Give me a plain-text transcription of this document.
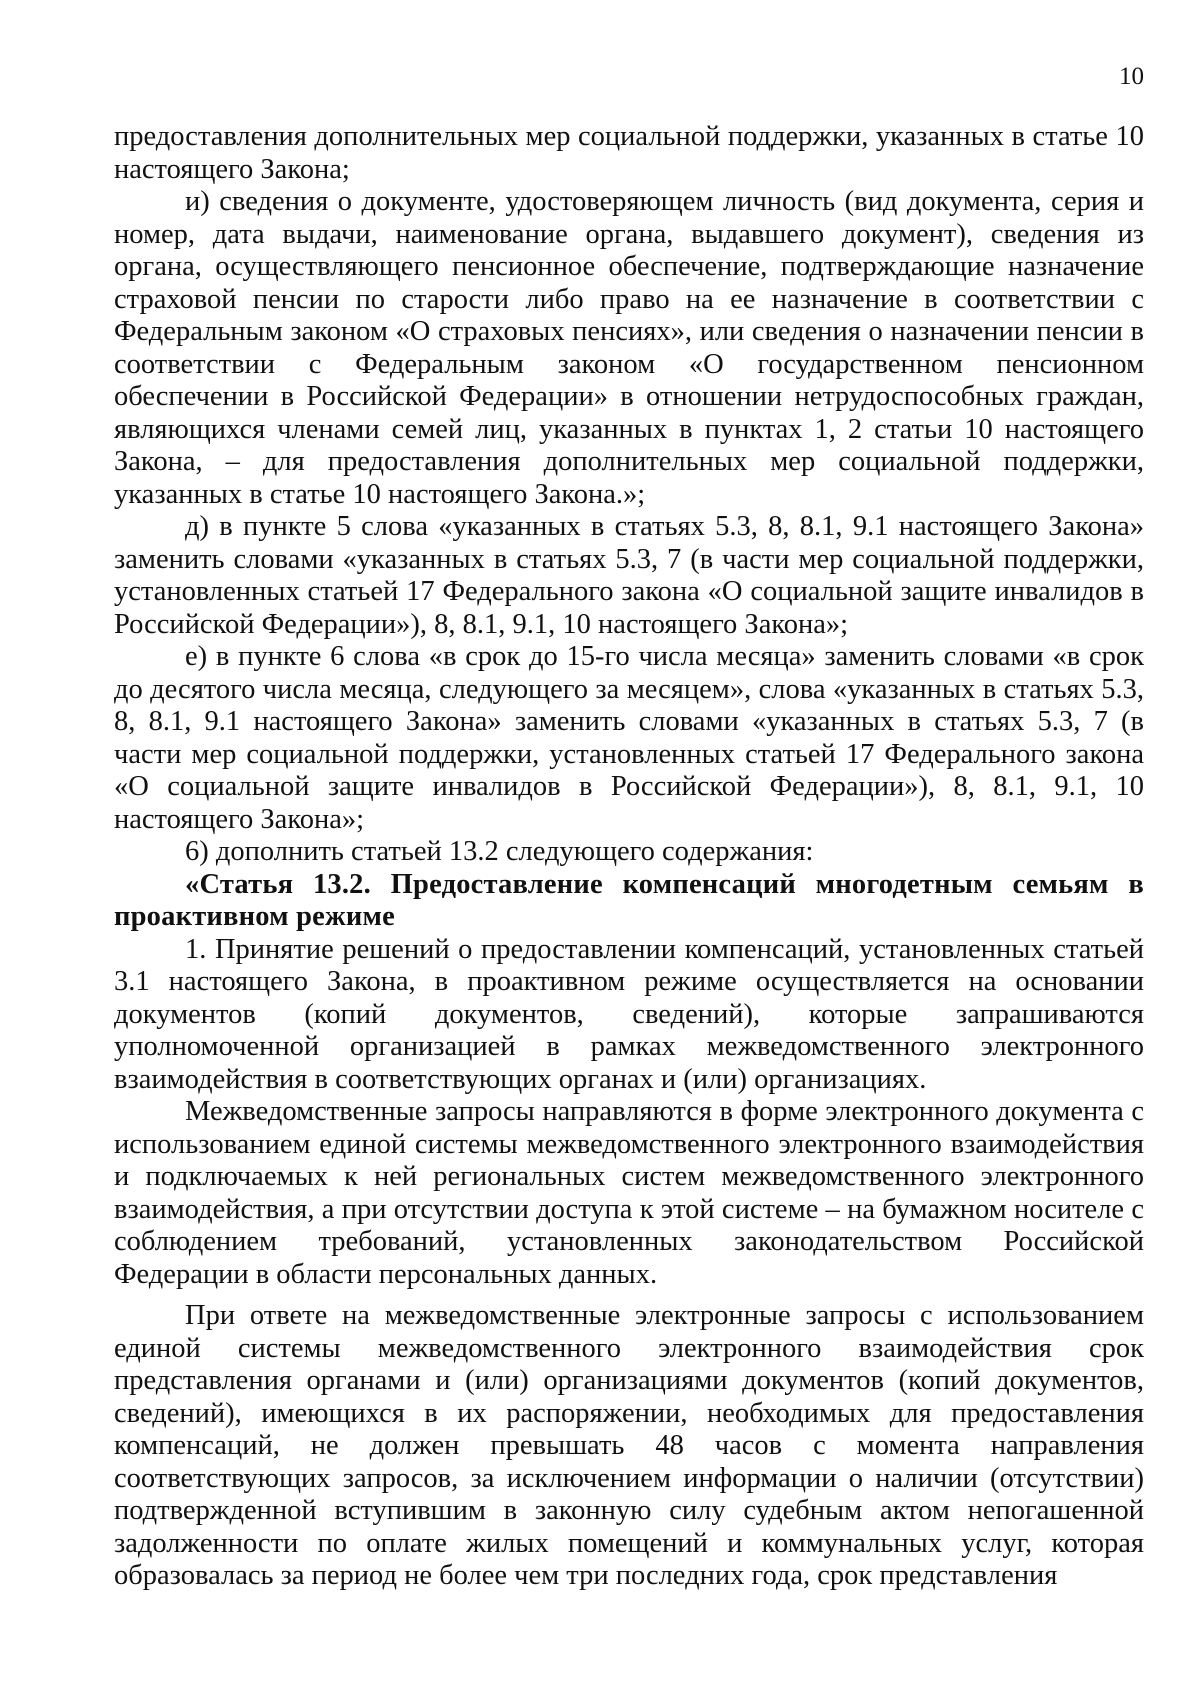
10

предоставления дополнительных мер социальной поддержки, указанных в статье 10 настоящего Закона;

и) сведения о документе, удостоверяющем личность (вид документа, серия и номер, дата выдачи, наименование органа, выдавшего документ), сведения из органа, осуществляющего пенсионное обеспечение, подтверждающие назначение страховой пенсии по старости либо право на ее назначение в соответствии с Федеральным законом «О страховых пенсиях», или сведения о назначении пенсии в соответствии с Федеральным законом «О государственном пенсионном обеспечении в Российской Федерации» в отношении нетрудоспособных граждан, являющихся членами семей лиц, указанных в пунктах 1, 2 статьи 10 настоящего Закона, – для предоставления дополнительных мер социальной поддержки, указанных в статье 10 настоящего Закона.»;

д) в пункте 5 слова «указанных в статьях 5.3, 8, 8.1, 9.1 настоящего Закона» заменить словами «указанных в статьях 5.3, 7 (в части мер социальной поддержки, установленных статьей 17 Федерального закона «О социальной защите инвалидов в Российской Федерации»), 8, 8.1, 9.1, 10 настоящего Закона»;

е) в пункте 6 слова «в срок до 15-го числа месяца» заменить словами «в срок до десятого числа месяца, следующего за месяцем», слова «указанных в статьях 5.3, 8, 8.1, 9.1 настоящего Закона» заменить словами «указанных в статьях 5.3, 7 (в части мер социальной поддержки, установленных статьей 17 Федерального закона «О социальной защите инвалидов в Российской Федерации»), 8, 8.1, 9.1, 10 настоящего Закона»;

6) дополнить статьей 13.2 следующего содержания:

«Статья 13.2. Предоставление компенсаций многодетным семьям в проактивном режиме

1. Принятие решений о предоставлении компенсаций, установленных статьей 3.1 настоящего Закона, в проактивном режиме осуществляется на основании документов (копий документов, сведений), которые запрашиваются уполномоченной организацией в рамках межведомственного электронного взаимодействия в соответствующих органах и (или) организациях.

Межведомственные запросы направляются в форме электронного документа с использованием единой системы межведомственного электронного взаимодействия и подключаемых к ней региональных систем межведомственного электронного взаимодействия, а при отсутствии доступа к этой системе – на бумажном носителе с соблюдением требований, установленных законодательством Российской Федерации в области персональных данных.

При ответе на межведомственные электронные запросы с использованием единой системы межведомственного электронного взаимодействия срок представления органами и (или) организациями документов (копий документов, сведений), имеющихся в их распоряжении, необходимых для предоставления компенсаций, не должен превышать 48 часов с момента направления соответствующих запросов, за исключением информации о наличии (отсутствии) подтвержденной вступившим в законную силу судебным актом непогашенной задолженности по оплате жилых помещений и коммунальных услуг, которая образовалась за период не более чем три последних года, срок представления
